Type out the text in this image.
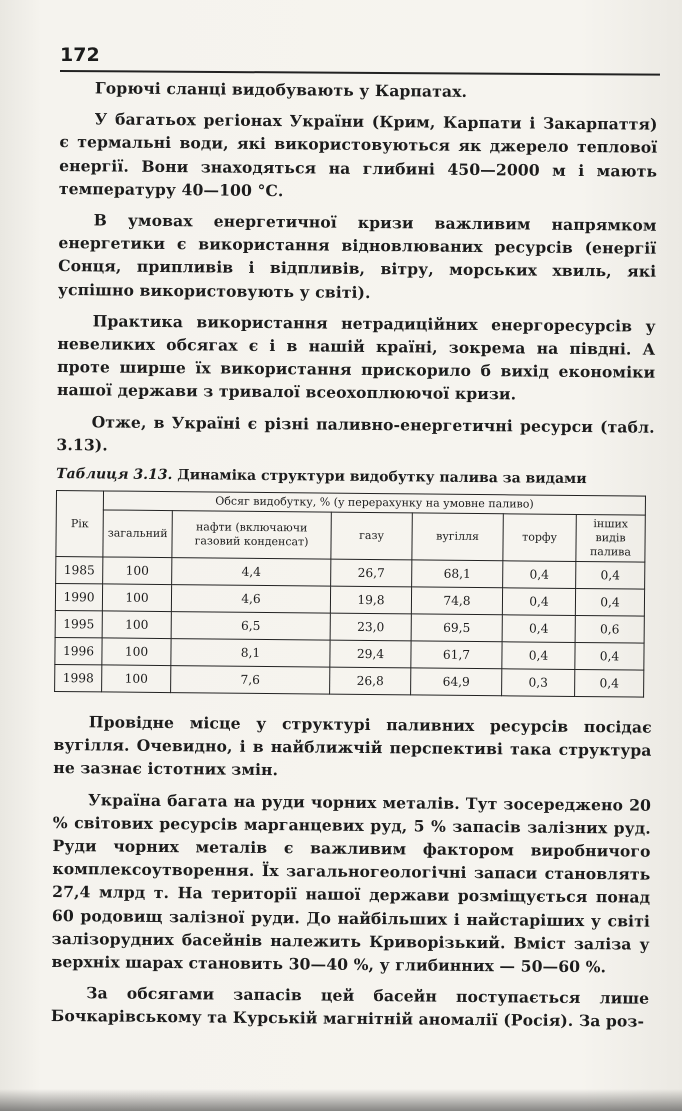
172

Горючі сланці видобувають у Карпатах.

У багатьох регіонах України (Крим, Карпати і Закарпаття) є термальні води, які використовуються як джерело теплової енергії. Вони знаходяться на глибині 450—2000 м і мають температуру 40—100 °С.

В умовах енергетичної кризи важливим напрямком енергетики є використання відновлюваних ресурсів (енергії Сонця, припливів і відпливів, вітру, морських хвиль, які успішно використовують у світі).

Практика використання нетрадиційних енергоресурсів у невеликих обсягах є і в нашій країні, зокрема на півдні. А проте ширше їх використання прискорило б вихід економіки нашої держави з тривалої всеохоплюючої кризи.

Отже, в Україні є різні паливно-енергетичні ресурси (табл. 3.13).

Таблиця 3.13. Динаміка структури видобутку палива за видами

Рік	Обсяг видобутку, % (у перерахунку на умовне паливо)					
	загальний	нафти (включаючи газовий конденсат)	газу	вугілля	торфу	інших видів палива
1985	100	4,4	26,7	68,1	0,4	0,4
1990	100	4,6	19,8	74,8	0,4	0,4
1995	100	6,5	23,0	69,5	0,4	0,6
1996	100	8,1	29,4	61,7	0,4	0,4
1998	100	7,6	26,8	64,9	0,3	0,4

Провідне місце у структурі паливних ресурсів посідає вугілля. Очевидно, і в найближчій перспективі така структура не зазнає істотних змін.

Україна багата на руди чорних металів. Тут зосереджено 20 % світових ресурсів марганцевих руд, 5 % запасів залізних руд. Руди чорних металів є важливим фактором виробничого комплексоутворення. Їх загальногеологічні запаси становлять 27,4 млрд т. На території нашої держави розміщується понад 60 родовищ залізної руди. До найбільших і найстаріших у світі залізорудних басейнів належить Криворізький. Вміст заліза у верхніх шарах становить 30—40 %, у глибинних — 50—60 %.

За обсягами запасів цей басейн поступається лише Бочкарівському та Курській магнітній аномалії (Росія). За роз-
